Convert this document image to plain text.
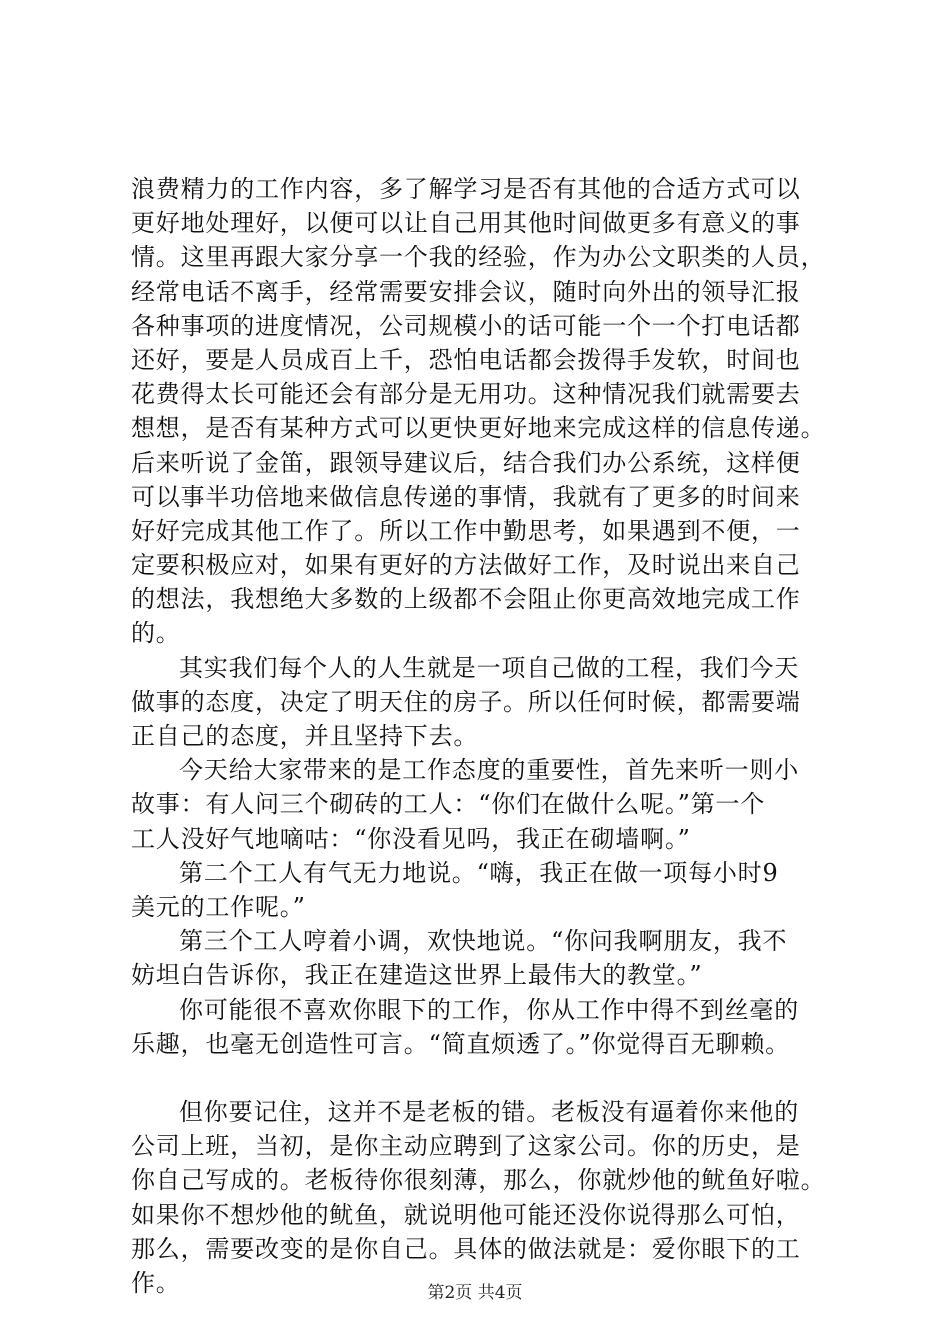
浪费精力的工作内容，多了解学习是否有其他的合适方式可以
更好地处理好，以便可以让自己用其他时间做更多有意义的事
情。这里再跟大家分享一个我的经验，作为办公文职类的人员，
经常电话不离手，经常需要安排会议，随时向外出的领导汇报
各种事项的进度情况，公司规模小的话可能一个一个打电话都
还好，要是人员成百上千，恐怕电话都会拨得手发软，时间也
花费得太长可能还会有部分是无用功。这种情况我们就需要去
想想，是否有某种方式可以更快更好地来完成这样的信息传递。
后来听说了金笛，跟领导建议后，结合我们办公系统，这样便
可以事半功倍地来做信息传递的事情，我就有了更多的时间来
好好完成其他工作了。所以工作中勤思考，如果遇到不便，一
定要积极应对，如果有更好的方法做好工作，及时说出来自己
的想法，我想绝大多数的上级都不会阻止你更高效地完成工作
的。
其实我们每个人的人生就是一项自己做的工程，我们今天
做事的态度，决定了明天住的房子。所以任何时候，都需要端
正自己的态度，并且坚持下去。
今天给大家带来的是工作态度的重要性，首先来听一则小
故事：有人问三个砌砖的工人：“你们在做什么呢。”第一个
工人没好气地嘀咕：“你没看见吗，我正在砌墙啊。”
第二个工人有气无力地说。“嗨，我正在做一项每小时9
美元的工作呢。”
第三个工人哼着小调，欢快地说。“你问我啊朋友，我不
妨坦白告诉你，我正在建造这世界上最伟大的教堂。”
你可能很不喜欢你眼下的工作，你从工作中得不到丝毫的
乐趣，也毫无创造性可言。“简直烦透了。”你觉得百无聊赖。
但你要记住，这并不是老板的错。老板没有逼着你来他的
公司上班，当初，是你主动应聘到了这家公司。你的历史，是
你自己写成的。老板待你很刻薄，那么，你就炒他的鱿鱼好啦。
如果你不想炒他的鱿鱼，就说明他可能还没你说得那么可怕，
那么，需要改变的是你自己。具体的做法就是：爱你眼下的工
作。	第2页 共4页
